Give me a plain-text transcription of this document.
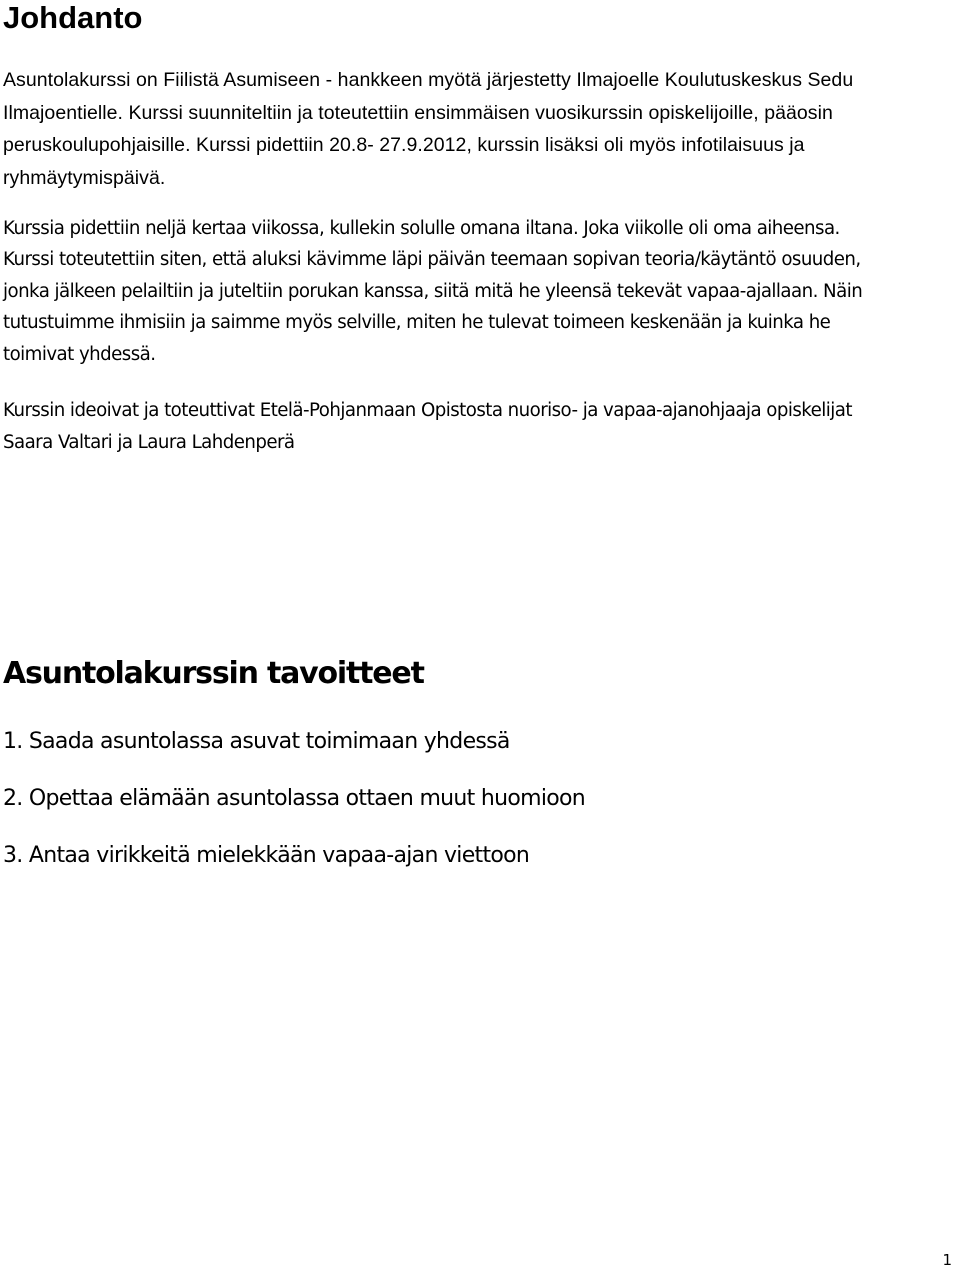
Johdanto
Asuntolakurssi on Fiilistä Asumiseen - hankkeen myötä järjestetty Ilmajoelle Koulutuskeskus Sedu
Ilmajoentielle. Kurssi suunniteltiin ja toteutettiin ensimmäisen vuosikurssin opiskelijoille, pääosin
peruskoulupohjaisille. Kurssi pidettiin 20.8- 27.9.2012, kurssin lisäksi oli myös infotilaisuus ja
ryhmäytymispäivä.
Kurssia pidettiin neljä kertaa viikossa, kullekin solulle omana iltana. Joka viikolle oli oma aiheensa.
Kurssi toteutettiin siten, että aluksi kävimme läpi päivän teemaan sopivan teoria/käytäntö osuuden,
jonka jälkeen pelailtiin ja juteltiin porukan kanssa, siitä mitä he yleensä tekevät vapaa-ajallaan. Näin
tutustuimme ihmisiin ja saimme myös selville, miten he tulevat toimeen keskenään ja kuinka he
toimivat yhdessä.
Kurssin ideoivat ja toteuttivat Etelä-Pohjanmaan Opistosta nuoriso- ja vapaa-ajanohjaaja opiskelijat
Saara Valtari ja Laura Lahdenperä
Asuntolakurssin tavoitteet
1. Saada asuntolassa asuvat toimimaan yhdessä
2. Opettaa elämään asuntolassa ottaen muut huomioon
3. Antaa virikkeitä mielekkään vapaa-ajan viettoon
1
